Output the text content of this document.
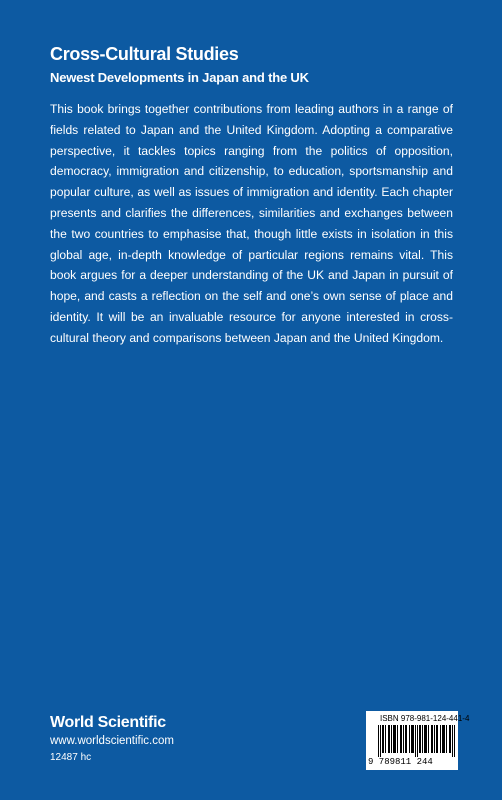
Cross-Cultural Studies
Newest Developments in Japan and the UK

This book brings together contributions from leading authors in a range of fields related to Japan and the United Kingdom. Adopting a comparative perspective, it tackles topics ranging from the politics of opposition, democracy, immigration and citizenship, to education, sportsmanship and popular culture, as well as issues of immigration and identity. Each chapter presents and clarifies the differences, similarities and exchanges between the two countries to emphasise that, though little exists in isolation in this global age, in-depth knowledge of particular regions remains vital. This book argues for a deeper understanding of the UK and Japan in pursuit of hope, and casts a reflection on the self and one’s own sense of place and identity. It will be an invaluable resource for anyone interested in cross-cultural theory and comparisons between Japan and the United Kingdom.

World Scientific
www.worldscientific.com
12487 hc
ISBN 978-981-124-441-4
9 789811 244
